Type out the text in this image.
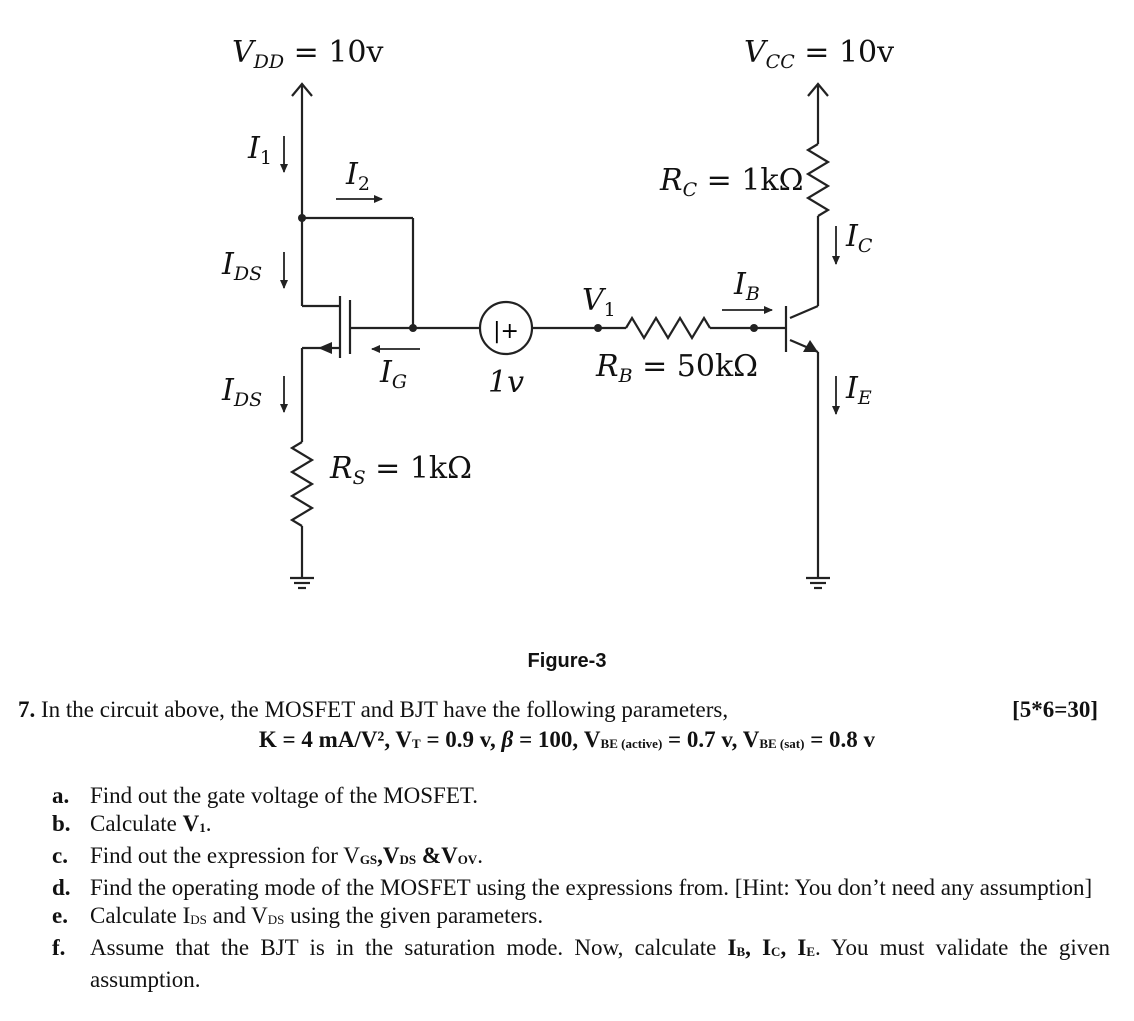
|+
$V_{DD} = 10v$	$V_{CC} = 10v$
$I_1$ $I_2$
$I_{DS}$
$I_G$
$I_{DS}$
$R_S = 1k\Omega$
1v
$V_1$
$R_B = 50k\Omega$
$I_B$
$R_C = 1k\Omega$
$I_C$
$I_E$
Figure-3
7. In the circuit above, the MOSFET and BJT have the following parameters,	[5*6=30]
K = 4 mA/V², $V_T = 0.9$ v, β = 100, $V_{BE (active)} = 0.7$ v, $V_{BE (sat)} = 0.8$ v
a. Find out the gate voltage of the MOSFET.
b. Calculate $V_1$.
c. Find out the expression for $V_{GS},V_{DS}$ $\&V_{OV}$.
d. Find the operating mode of the MOSFET using the expressions from. [Hint: You don’t need any assumption]
e. Calculate $I_{DS}$ and $V_{DS}$ using the given parameters.
f.	Assume that the BJT is in the saturation mode. Now, calculate $I_B$, $I_C$, $I_E$. You must validate the given assumption.
